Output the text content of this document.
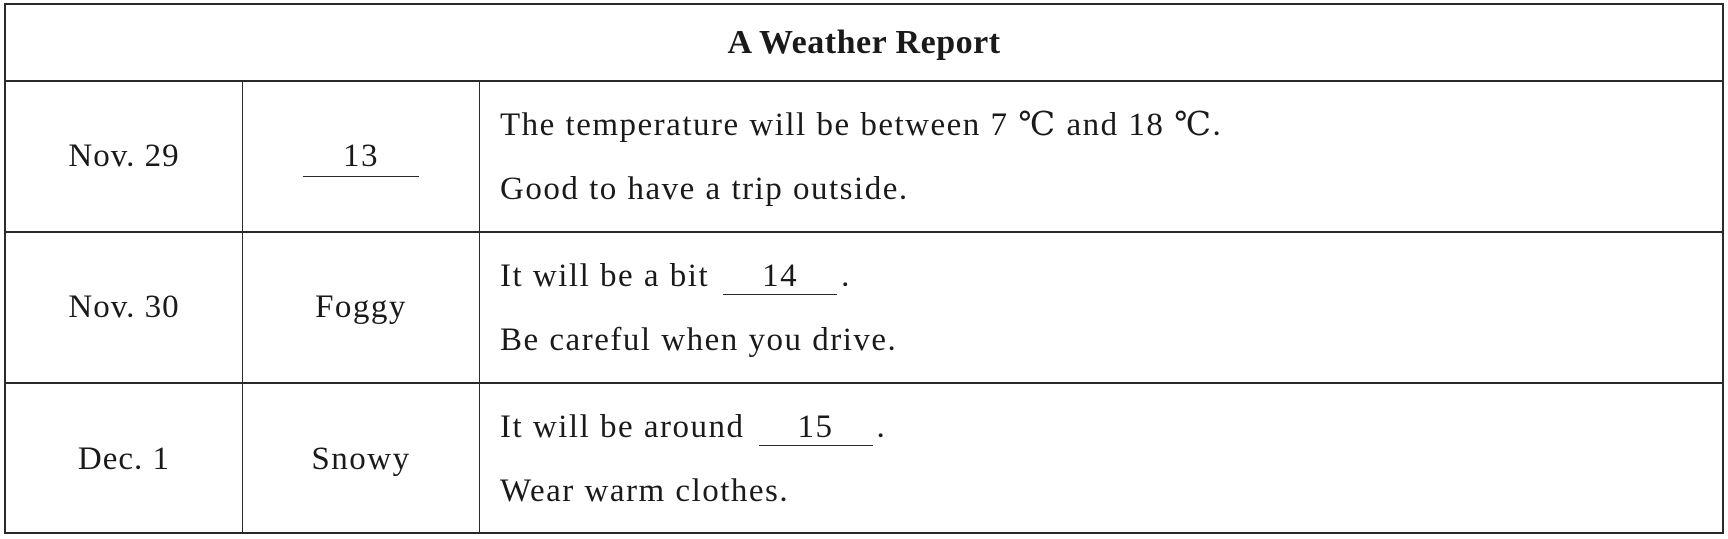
A Weather Report
Nov. 29	13
The temperature will be between 7 ℃ and 18 ℃.
Good to have a trip outside.
Nov. 30	Foggy
It will be a bit 14 .
Be careful when you drive.
Dec. 1	Snowy
It will be around 15 .
Wear warm clothes.
